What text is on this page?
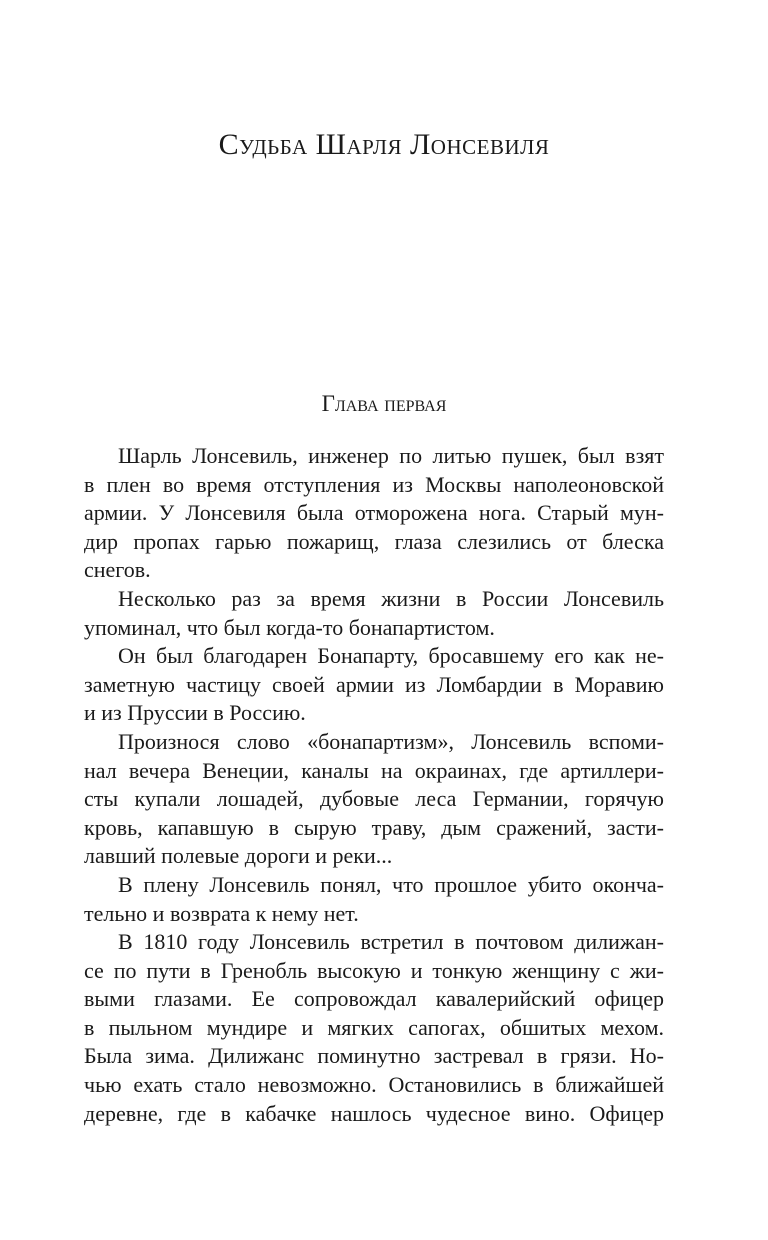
Судьба Шарля Лонсевиля
Глава первая

Шарль Лонсевиль, инженер по литью пушек, был взят
в плен во время отступления из Москвы наполеоновской
армии. У Лонсевиля была отморожена нога. Старый мун-
дир пропах гарью пожарищ, глаза слезились от блеска
снегов.

Несколько раз за время жизни в России Лонсевиль
упоминал, что был когда-то бонапартистом.

Он был благодарен Бонапарту, бросавшему его как не-
заметную частицу своей армии из Ломбардии в Моравию
и из Пруссии в Россию.

Произнося слово «бонапартизм», Лонсевиль вспоми-
нал вечера Венеции, каналы на окраинах, где артиллери-
сты купали лошадей, дубовые леса Германии, горячую
кровь, капавшую в сырую траву, дым сражений, засти-
лавший полевые дороги и реки...

В плену Лонсевиль понял, что прошлое убито оконча-
тельно и возврата к нему нет.

В 1810 году Лонсевиль встретил в почтовом дилижан-
се по пути в Гренобль высокую и тонкую женщину с жи-
выми глазами. Ее сопровождал кавалерийский офицер
в пыльном мундире и мягких сапогах, обшитых мехом.
Была зима. Дилижанс поминутно застревал в грязи. Но-
чью ехать стало невозможно. Остановились в ближайшей
деревне, где в кабачке нашлось чудесное вино. Офицер
